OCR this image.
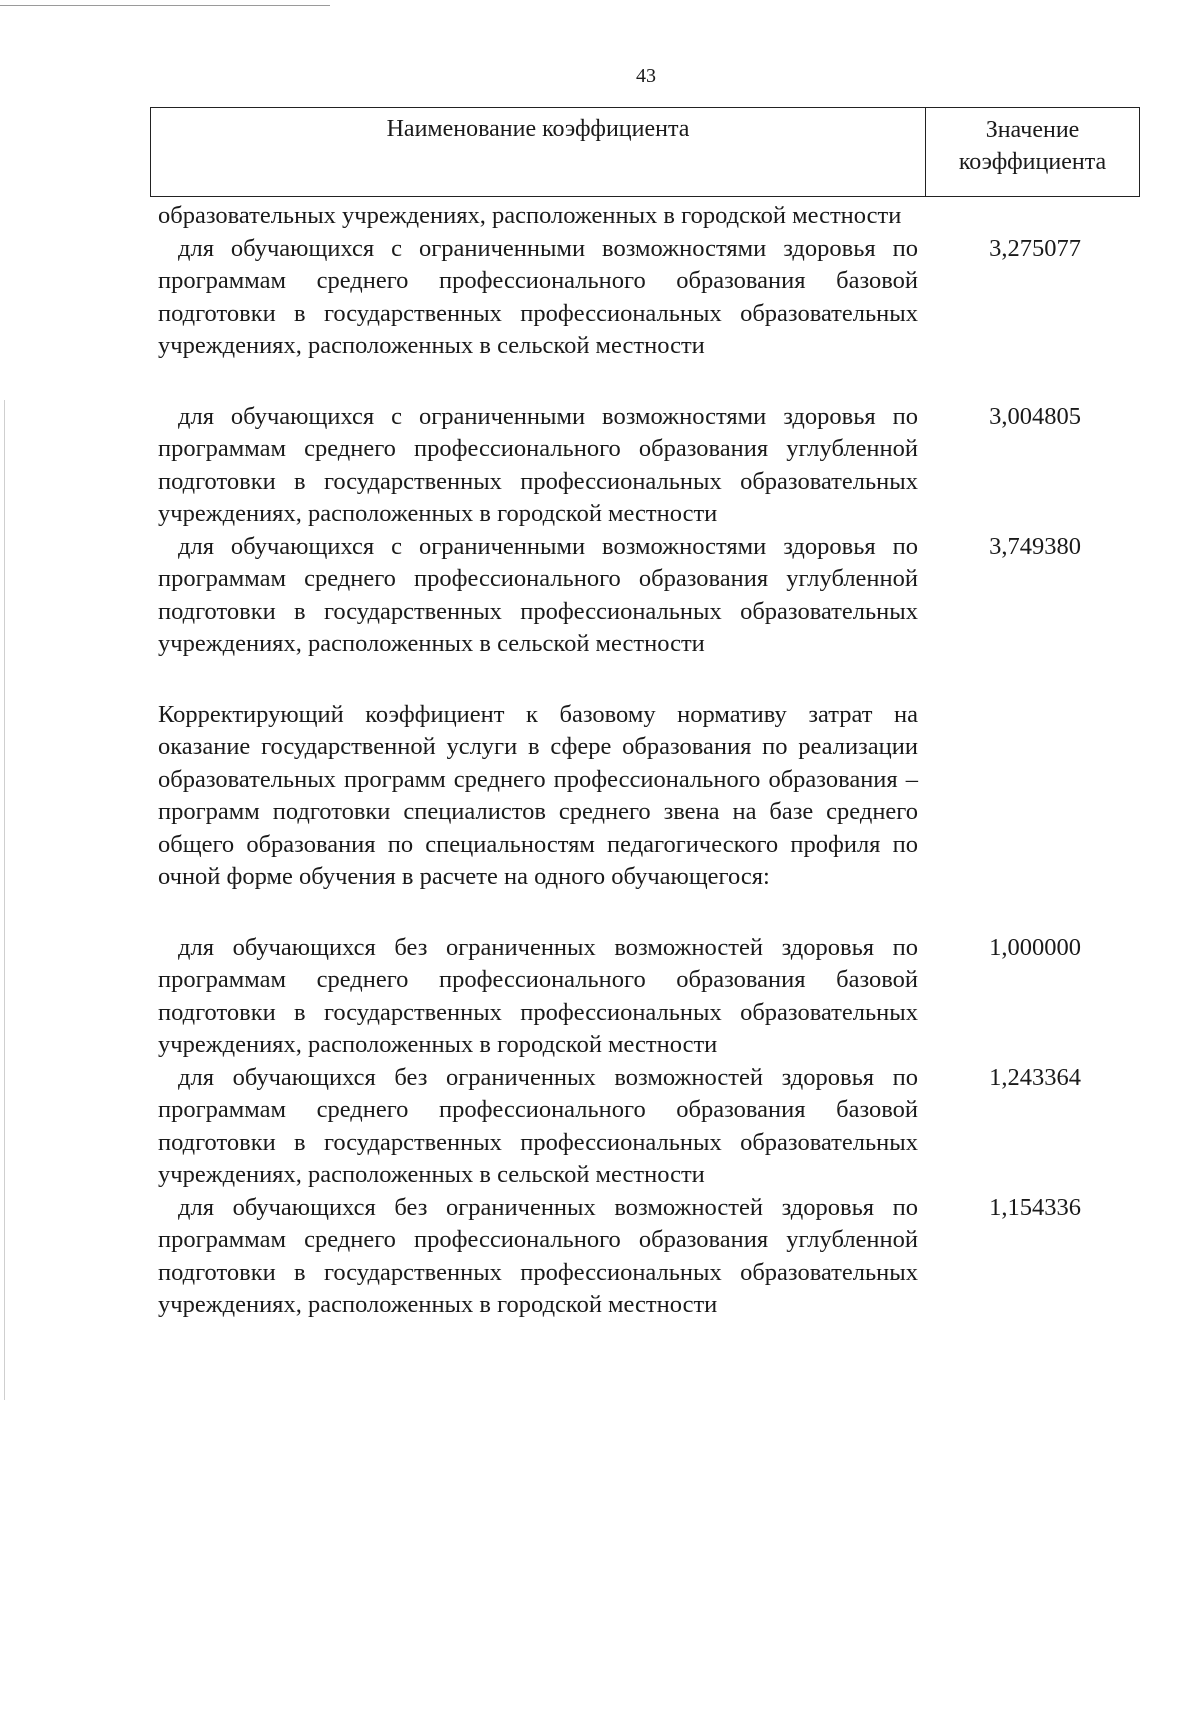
43
Наименование коэффициента	Значение коэффициента
образовательных учреждениях, расположенных в городской местности
для обучающихся с ограниченными возможностями здоровья по программам среднего профессионального образования базовой подготовки в государственных профессиональных образовательных учреждениях, расположенных в сельской местности
3,275077
для обучающихся с ограниченными возможностями здоровья по программам среднего профессионального образования углубленной подготовки в государственных профессиональных образовательных учреждениях, расположенных в городской местности
3,004805
для обучающихся с ограниченными возможностями здоровья по программам среднего профессионального образования углубленной подготовки в государственных профессиональных образовательных учреждениях, расположенных в сельской местности
3,749380
Корректирующий коэффициент к базовому нормативу затрат на оказание государственной услуги в сфере образования по реализации образовательных программ среднего профессионального образования – программ подготовки специалистов среднего звена на базе среднего общего образования по специальностям педагогического профиля по очной форме обучения в расчете на одного обучающегося:
для обучающихся без ограниченных возможностей здоровья по программам среднего профессионального образования базовой подготовки в государственных профессиональных образовательных учреждениях, расположенных в городской местности
1,000000
для обучающихся без ограниченных возможностей здоровья по программам среднего профессионального образования базовой подготовки в государственных профессиональных образовательных учреждениях, расположенных в сельской местности
1,243364
для обучающихся без ограниченных возможностей здоровья по программам среднего профессионального образования углубленной подготовки в государственных профессиональных образовательных учреждениях, расположенных в городской местности
1,154336
